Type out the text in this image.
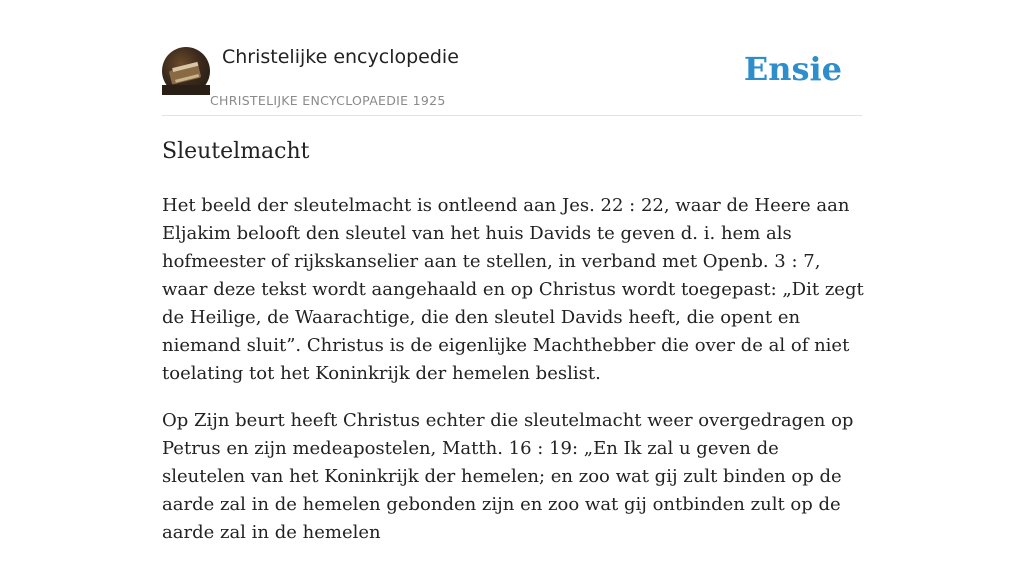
Christelijke encyclopedie
CHRISTELIJKE ENCYCLOPAEDIE 1925
Ensie
Sleutelmacht

Het beeld der sleutelmacht is ontleend aan Jes. 22 : 22, waar de Heere aan Eljakim belooft den sleutel van het huis Davids te geven d. i. hem als hofmeester of rijkskanselier aan te stellen, in verband met Openb. 3 : 7, waar deze tekst wordt aangehaald en op Christus wordt toegepast: „Dit zegt de Heilige, de Waarachtige, die den sleutel Davids heeft, die opent en niemand sluit”. Christus is de eigenlijke Machthebber die over de al of niet toelating tot het Koninkrijk der hemelen beslist.

Op Zijn beurt heeft Christus echter die sleutelmacht weer overgedragen op Petrus en zijn medeapostelen, Matth. 16 : 19: „En Ik zal u geven de sleutelen van het Koninkrijk der hemelen; en zoo wat gij zult binden op de aarde zal in de hemelen gebonden zijn en zoo wat gij ontbinden zult op de aarde zal in de hemelen
